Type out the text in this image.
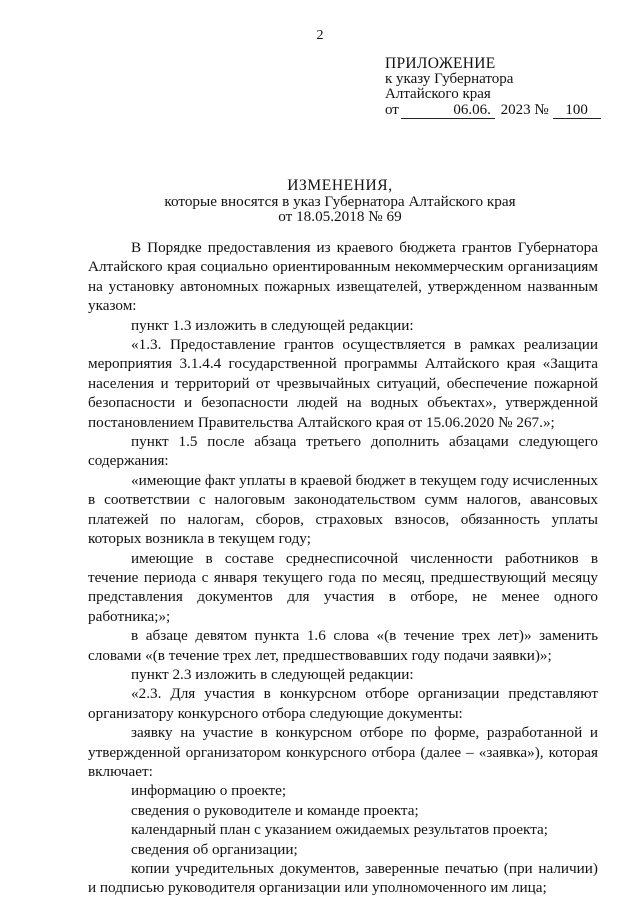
2
ПРИЛОЖЕНИЕ
к указу Губернатора
Алтайского края
от	06.06. 2023 № 100
ИЗМЕНЕНИЯ,
которые вносятся в указ Губернатора Алтайского края
от 18.05.2018 № 69

В Порядке предоставления из краевого бюджета грантов Губернатора Алтайского края социально ориентированным некоммерческим организациям на установку автономных пожарных извещателей, утвержденном названным указом:

пункт 1.3 изложить в следующей редакции:

«1.3. Предоставление грантов осуществляется в рамках реализации мероприятия 3.1.4.4 государственной программы Алтайского края «Защита населения и территорий от чрезвычайных ситуаций, обеспечение пожарной безопасности и безопасности людей на водных объектах», утвержденной постановлением Правительства Алтайского края от 15.06.2020 № 267.»;

пункт 1.5 после абзаца третьего дополнить абзацами следующего содержания:

«имеющие факт уплаты в краевой бюджет в текущем году исчисленных в соответствии с налоговым законодательством сумм налогов, авансовых платежей по налогам, сборов, страховых взносов, обязанность уплаты которых возникла в текущем году;

имеющие в составе среднесписочной численности работников в течение периода с января текущего года по месяц, предшествующий месяцу представления документов для участия в отборе, не менее одного работника;»;

в абзаце девятом пункта 1.6 слова «(в течение трех лет)» заменить словами «(в течение трех лет, предшествовавших году подачи заявки)»;

пункт 2.3 изложить в следующей редакции:

«2.3. Для участия в конкурсном отборе организации представляют организатору конкурсного отбора следующие документы:

заявку на участие в конкурсном отборе по форме, разработанной и утвержденной организатором конкурсного отбора (далее – «заявка»), которая включает:

информацию о проекте;

сведения о руководителе и команде проекта;

календарный план с указанием ожидаемых результатов проекта;

сведения об организации;

копии учредительных документов, заверенные печатью (при наличии) и подписью руководителя организации или уполномоченного им лица;
